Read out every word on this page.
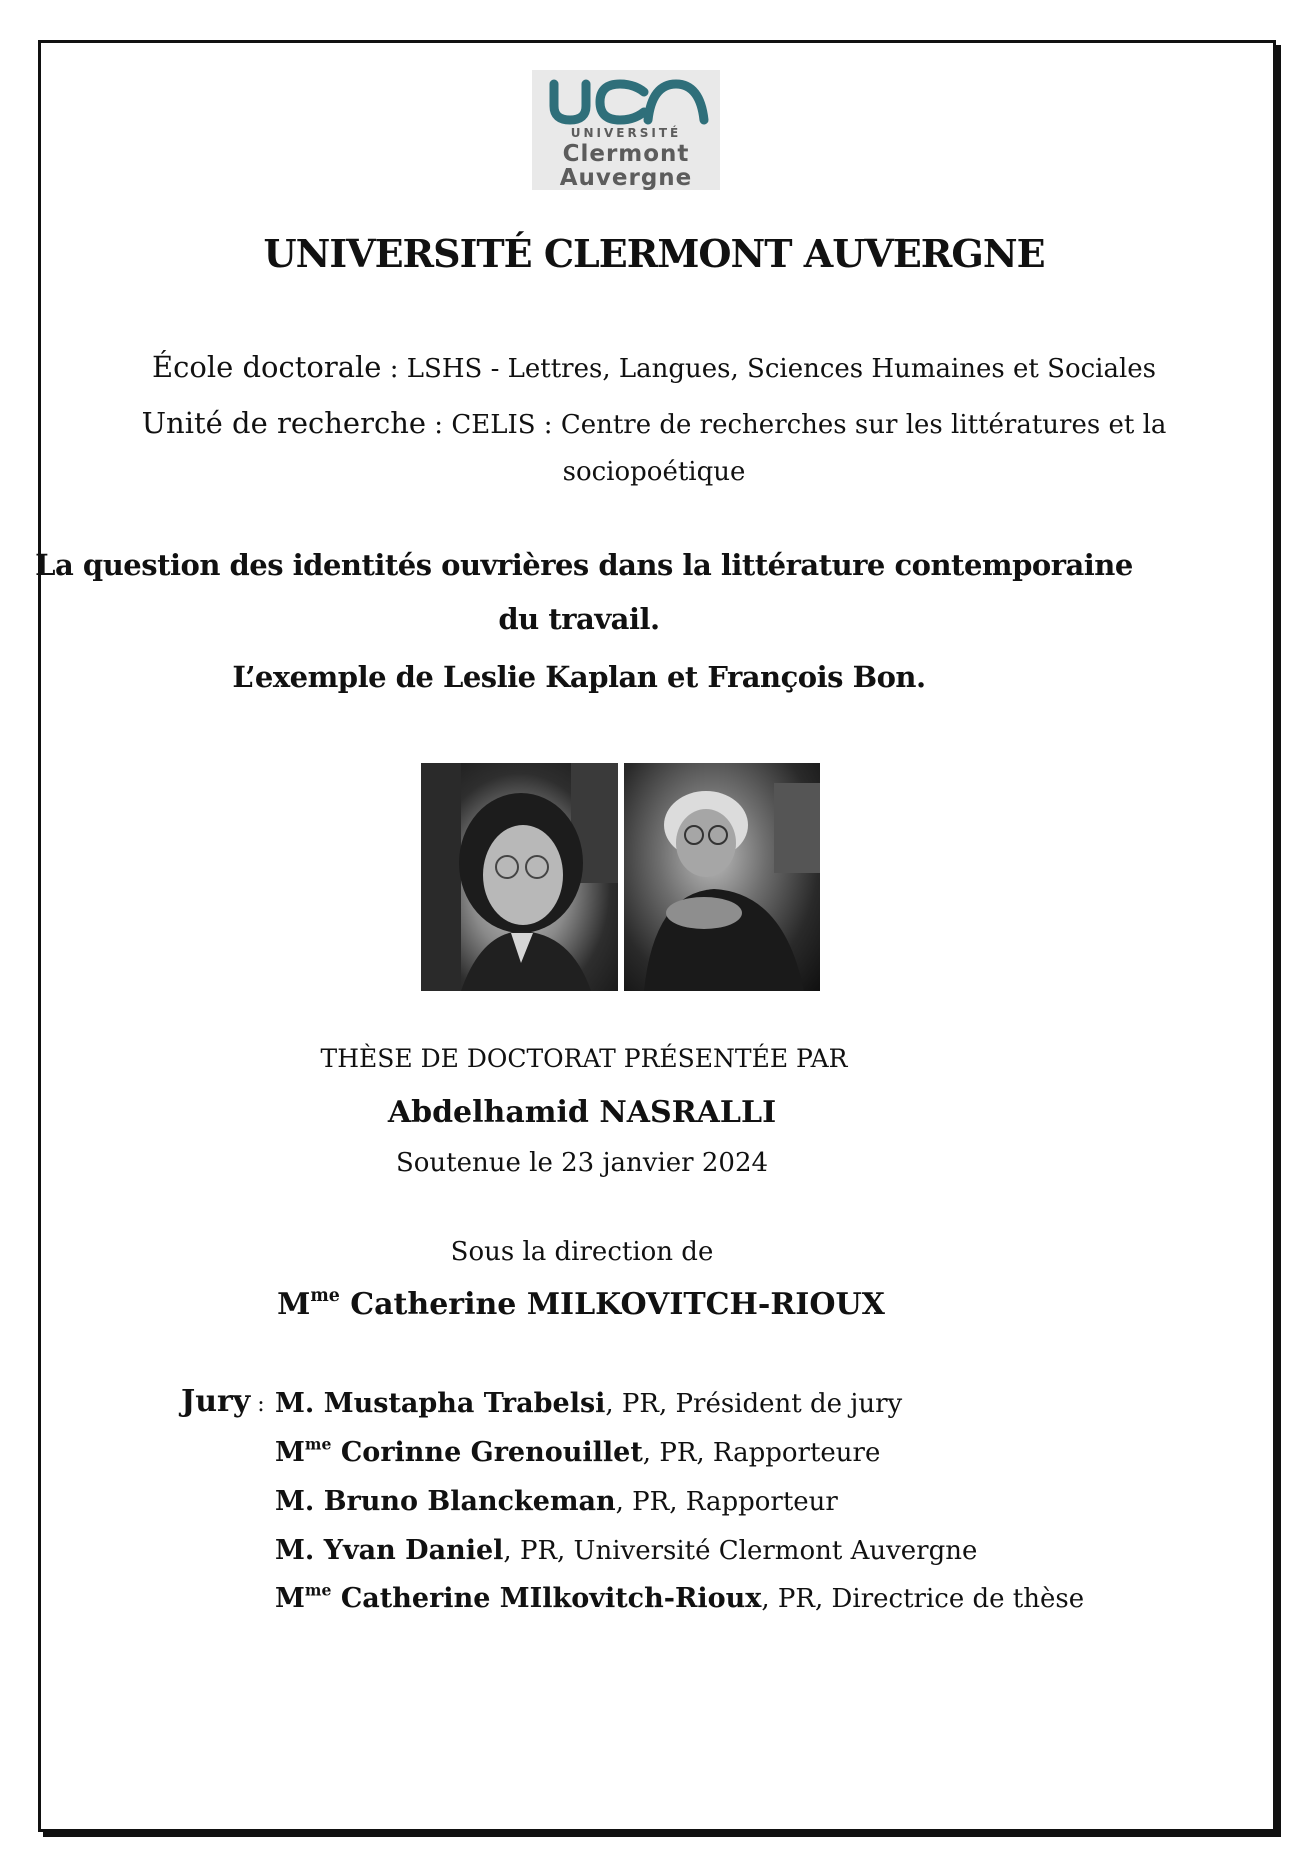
UNIVERSITÉ
Clermont
Auvergne
UNIVERSITÉ CLERMONT AUVERGNE
École doctorale : LSHS - Lettres, Langues, Sciences Humaines et Sociales
Unité de recherche : CELIS : Centre de recherches sur les littératures et la
sociopoétique
La question des identités ouvrières dans la littérature contemporaine
du travail.
L’exemple de Leslie Kaplan et François Bon.
THÈSE DE DOCTORAT PRÉSENTÉE PAR
Abdelhamid NASRALLI
Soutenue le 23 janvier 2024
Sous la direction de
$M^{me}$ Catherine MILKOVITCH-RIOUX
Jury : M. Mustapha Trabelsi, PR, Président de jury
$M^{me}$ Corinne Grenouillet, PR, Rapporteure
M. Bruno Blanckeman, PR, Rapporteur
M. Yvan Daniel, PR, Université Clermont Auvergne
$M^{me}$ Catherine MIlkovitch-Rioux, PR, Directrice de thèse
